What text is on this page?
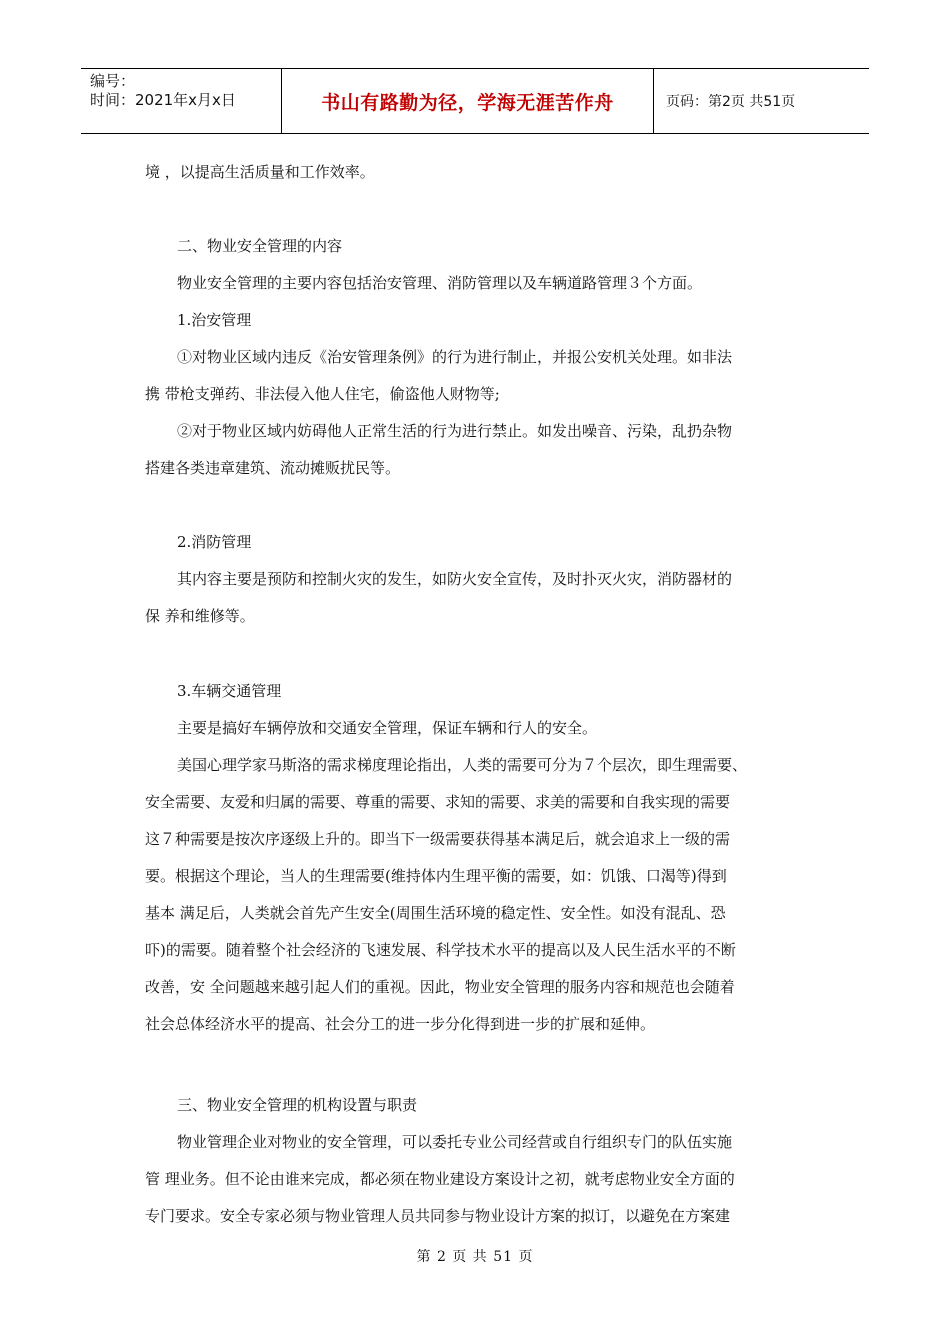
编号：
时间：2021年x月x日	书山有路勤为径，学海无涯苦作舟	页码：第2页 共51页
境 ，以提高生活质量和工作效率。
二、物业安全管理的内容
物业安全管理的主要内容包括治安管理、消防管理以及车辆道路管理３个方面。
1.治安管理
①对物业区域内违反《治安管理条例》的行为进行制止，并报公安机关处理。如非法
携 带枪支弹药、非法侵入他人住宅，偷盗他人财物等;
②对于物业区域内妨碍他人正常生活的行为进行禁止。如发出噪音、污染，乱扔杂物
搭建各类违章建筑、流动摊贩扰民等。
2.消防管理
其内容主要是预防和控制火灾的发生，如防火安全宣传，及时扑灭火灾，消防器材的
保 养和维修等。
3.车辆交通管理
主要是搞好车辆停放和交通安全管理，保证车辆和行人的安全。
美国心理学家马斯洛的需求梯度理论指出，人类的需要可分为７个层次，即生理需要、
安全需要、友爱和归属的需要、尊重的需要、求知的需要、求美的需要和自我实现的需要
这７种需要是按次序逐级上升的。即当下一级需要获得基本满足后，就会追求上一级的需
要。根据这个理论，当人的生理需要(维持体内生理平衡的需要，如：饥饿、口渴等)得到
基本 满足后，人类就会首先产生安全(周围生活环境的稳定性、安全性。如没有混乱、恐
吓)的需要。随着整个社会经济的飞速发展、科学技术水平的提高以及人民生活水平的不断
改善，安 全问题越来越引起人们的重视。因此，物业安全管理的服务内容和规范也会随着
社会总体经济水平的提高、社会分工的进一步分化得到进一步的扩展和延伸。
三、物业安全管理的机构设置与职责
物业管理企业对物业的安全管理，可以委托专业公司经营或自行组织专门的队伍实施
管 理业务。但不论由谁来完成，都必须在物业建设方案设计之初，就考虑物业安全方面的
专门要求。安全专家必须与物业管理人员共同参与物业设计方案的拟订，以避免在方案建
第 2 页 共 51 页
